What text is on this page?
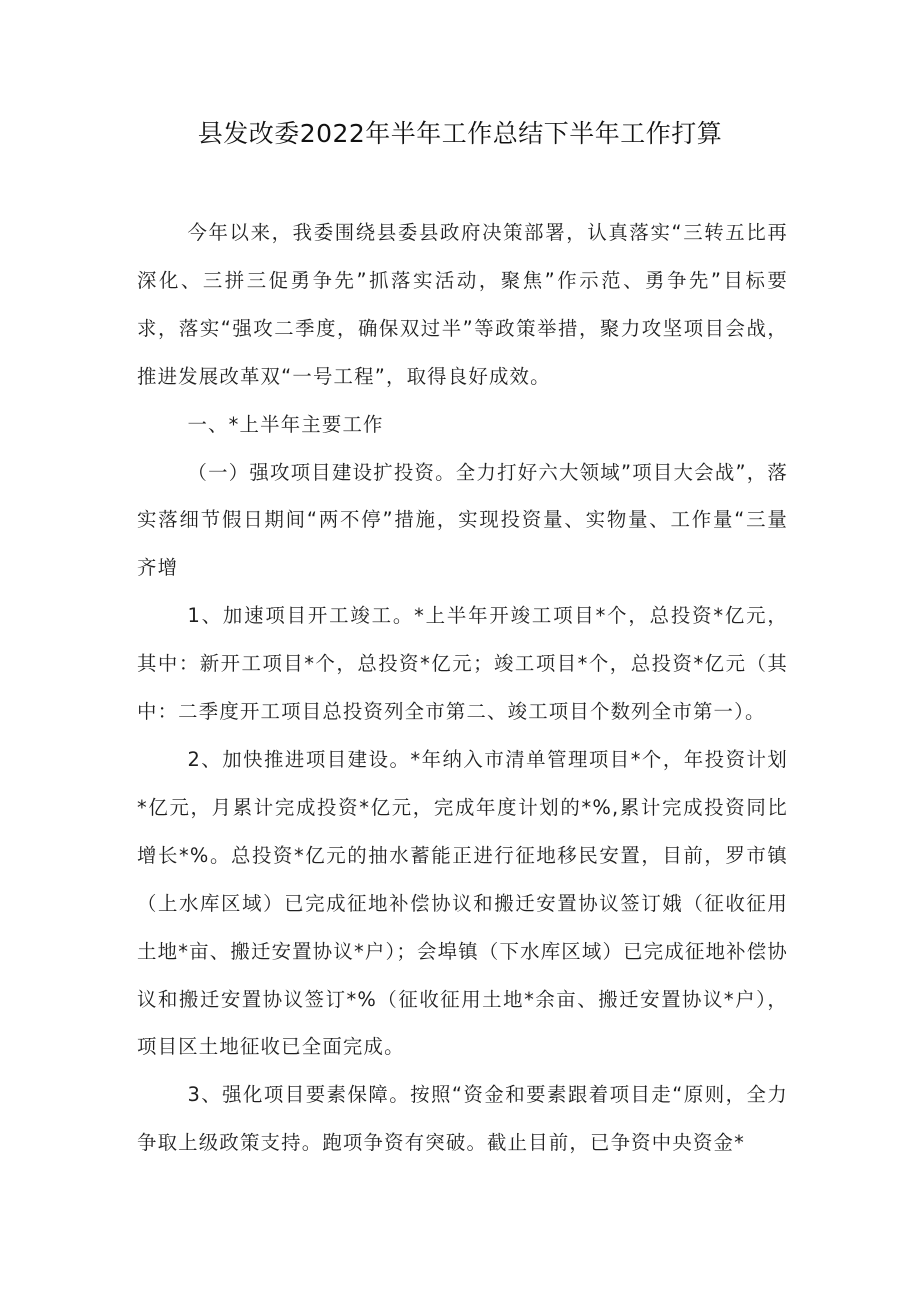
县发改委2022年半年工作总结下半年工作打算

今年以来，我委围绕县委县政府决策部署，认真落实“三转五比再深化、三拼三促勇争先”抓落实活动，聚焦”作示范、勇争先”目标要求，落实“强攻二季度，确保双过半”等政策举措，聚力攻坚项目会战，推进发展改革双“一号工程”，取得良好成效。

一、*上半年主要工作

（一）强攻项目建设扩投资。全力打好六大领域”项目大会战”，落实落细节假日期间“两不停”措施，实现投资量、实物量、工作量“三量齐增

1、加速项目开工竣工。*上半年开竣工项目*个，总投资*亿元，其中：新开工项目*个，总投资*亿元；竣工项目*个，总投资*亿元（其中：二季度开工项目总投资列全市第二、竣工项目个数列全市第一）。

2、加快推进项目建设。*年纳入市清单管理项目*个，年投资计划*亿元，月累计完成投资*亿元，完成年度计划的*%,累计完成投资同比增长*%。总投资*亿元的抽水蓄能正进行征地移民安置，目前，罗市镇（上水库区域）已完成征地补偿协议和搬迁安置协议签订娥（征收征用土地*亩、搬迁安置协议*户）；会埠镇（下水库区域）已完成征地补偿协议和搬迁安置协议签订*%（征收征用土地*余亩、搬迁安置协议*户），项目区土地征收已全面完成。

3、强化项目要素保障。按照“资金和要素跟着项目走“原则，全力争取上级政策支持。跑项争资有突破。截止目前，已争资中央资金*
